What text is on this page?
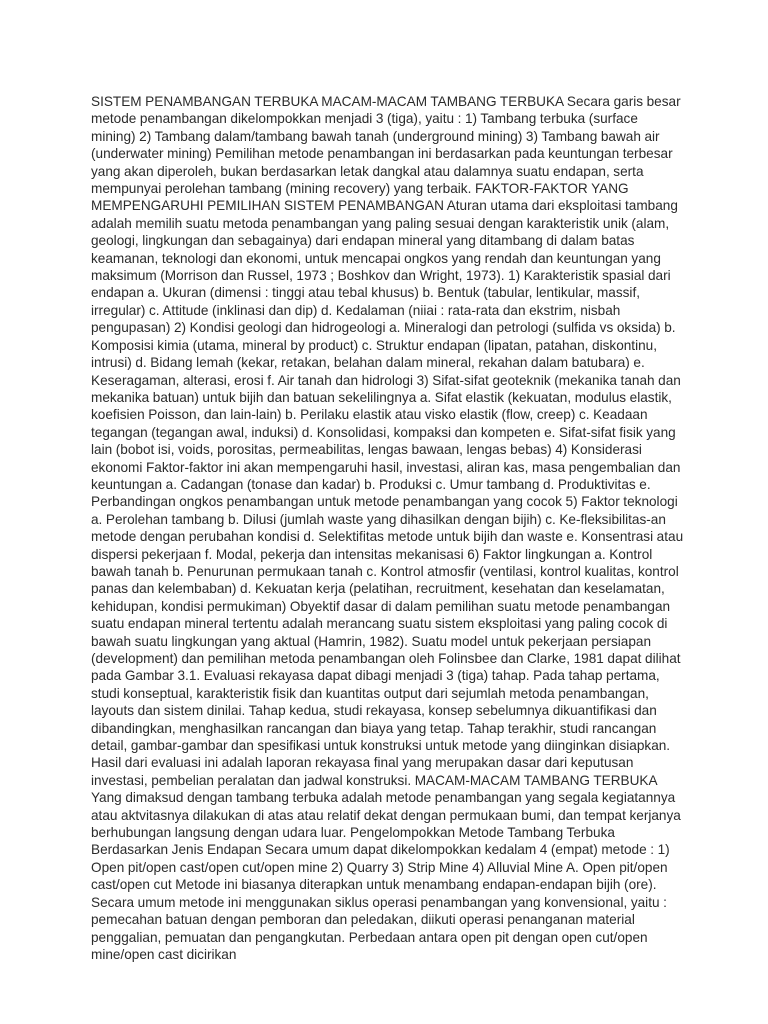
SISTEM PENAMBANGAN TERBUKA MACAM-MACAM TAMBANG TERBUKA Secara garis besar metode penambangan dikelompokkan menjadi 3 (tiga), yaitu : 1) Tambang terbuka (surface mining) 2) Tambang dalam/tambang bawah tanah (underground mining) 3) Tambang bawah air (underwater mining) Pemilihan metode penambangan ini berdasarkan pada keuntungan terbesar yang akan diperoleh, bukan berdasarkan letak dangkal atau dalamnya suatu endapan, serta mempunyai perolehan tambang (mining recovery) yang terbaik. FAKTOR-FAKTOR YANG MEMPENGARUHI PEMILIHAN SISTEM PENAMBANGAN Aturan utama dari eksploitasi tambang adalah memilih suatu metoda penambangan yang paling sesuai dengan karakteristik unik (alam, geologi, lingkungan dan sebagainya) dari endapan mineral yang ditambang di dalam batas keamanan, teknologi dan ekonomi, untuk mencapai ongkos yang rendah dan keuntungan yang maksimum (Morrison dan Russel, 1973 ; Boshkov dan Wright, 1973). 1) Karakteristik spasial dari endapan a. Ukuran (dimensi : tinggi atau tebal khusus) b. Bentuk (tabular, lentikular, massif, irregular) c. Attitude (inklinasi dan dip) d. Kedalaman (niiai : rata-rata dan ekstrim, nisbah pengupasan) 2) Kondisi geologi dan hidrogeologi a. Mineralogi dan petrologi (sulfida vs oksida) b. Komposisi kimia (utama, mineral by product) c. Struktur endapan (lipatan, patahan, diskontinu, intrusi) d. Bidang lemah (kekar, retakan, belahan dalam mineral, rekahan dalam batubara) e. Keseragaman, alterasi, erosi f. Air tanah dan hidrologi 3) Sifat-sifat geoteknik (mekanika tanah dan mekanika batuan) untuk bijih dan batuan sekelilingnya a. Sifat elastik (kekuatan, modulus elastik, koefisien Poisson, dan lain-lain) b. Perilaku elastik atau visko elastik (flow, creep) c. Keadaan tegangan (tegangan awal, induksi) d. Konsolidasi, kompaksi dan kompeten e. Sifat-sifat fisik yang lain (bobot isi, voids, porositas, permeabilitas, lengas bawaan, lengas bebas) 4) Konsiderasi ekonomi Faktor-faktor ini akan mempengaruhi hasil, investasi, aliran kas, masa pengembalian dan keuntungan a. Cadangan (tonase dan kadar) b. Produksi c. Umur tambang d. Produktivitas e. Perbandingan ongkos penambangan untuk metode penambangan yang cocok 5) Faktor teknologi a. Perolehan tambang b. Dilusi (jumlah waste yang dihasilkan dengan bijih) c. Ke-fleksibilitas-an metode dengan perubahan kondisi d. Selektifitas metode untuk bijih dan waste e. Konsentrasi atau dispersi pekerjaan f. Modal, pekerja dan intensitas mekanisasi 6) Faktor lingkungan a. Kontrol bawah tanah b. Penurunan permukaan tanah c. Kontrol atmosfir (ventilasi, kontrol kualitas, kontrol panas dan kelembaban) d. Kekuatan kerja (pelatihan, recruitment, kesehatan dan keselamatan, kehidupan, kondisi permukiman) Obyektif dasar di dalam pemilihan suatu metode penambangan suatu endapan mineral tertentu adalah merancang suatu sistem eksploitasi yang paling cocok di bawah suatu lingkungan yang aktual (Hamrin, 1982). Suatu model untuk pekerjaan persiapan (development) dan pemilihan metoda penambangan oleh Folinsbee dan Clarke, 1981 dapat dilihat pada Gambar 3.1. Evaluasi rekayasa dapat dibagi menjadi 3 (tiga) tahap. Pada tahap pertama, studi konseptual, karakteristik fisik dan kuantitas output dari sejumlah metoda penambangan, layouts dan sistem dinilai. Tahap kedua, studi rekayasa, konsep sebelumnya dikuantifikasi dan dibandingkan, menghasilkan rancangan dan biaya yang tetap. Tahap terakhir, studi rancangan detail, gambar-gambar dan spesifikasi untuk konstruksi untuk metode yang diinginkan disiapkan. Hasil dari evaluasi ini adalah laporan rekayasa final yang merupakan dasar dari keputusan investasi, pembelian peralatan dan jadwal konstruksi. MACAM-MACAM TAMBANG TERBUKA Yang dimaksud dengan tambang terbuka adalah metode penambangan yang segala kegiatannya atau aktvitasnya dilakukan di atas atau relatif dekat dengan permukaan bumi, dan tempat kerjanya berhubungan langsung dengan udara luar. Pengelompokkan Metode Tambang Terbuka Berdasarkan Jenis Endapan Secara umum dapat dikelompokkan kedalam 4 (empat) metode : 1) Open pit/open cast/open cut/open mine 2) Quarry 3) Strip Mine 4) Alluvial Mine A. Open pit/open cast/open cut Metode ini biasanya diterapkan untuk menambang endapan-endapan bijih (ore). Secara umum metode ini menggunakan siklus operasi penambangan yang konvensional, yaitu : pemecahan batuan dengan pemboran dan peledakan, diikuti operasi penanganan material penggalian, pemuatan dan pengangkutan. Perbedaan antara open pit dengan open cut/open mine/open cast dicirikan
